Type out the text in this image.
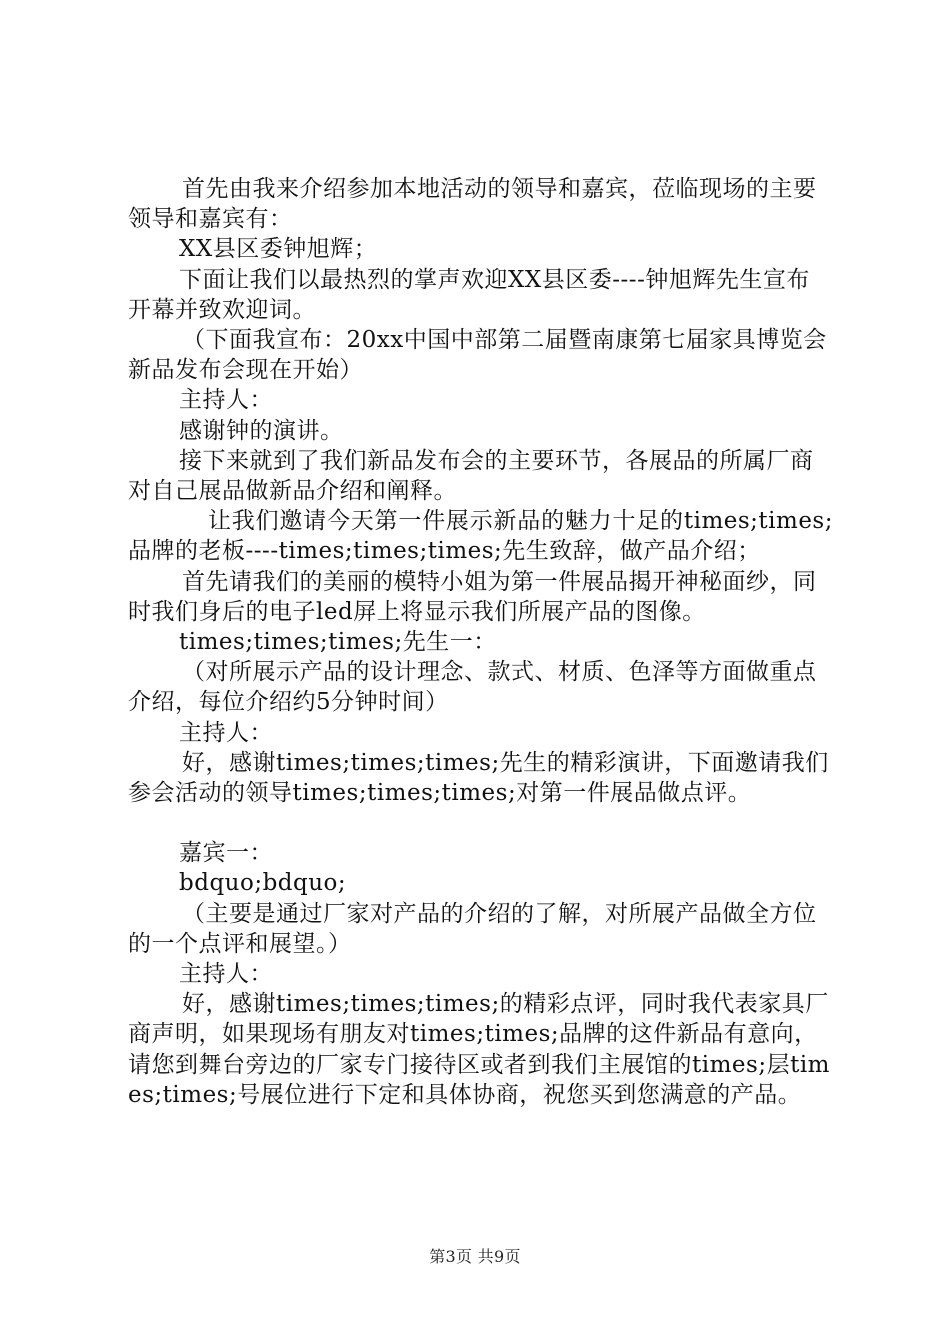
首先由我来介绍参加本地活动的领导和嘉宾，莅临现场的主要领导和嘉宾有：

XX县区委钟旭辉；

下面让我们以最热烈的掌声欢迎XX县区委----钟旭辉先生宣布开幕并致欢迎词。

（下面我宣布：20xx中国中部第二届暨南康第七届家具博览会新品发布会现在开始）

主持人：

感谢钟的演讲。

接下来就到了我们新品发布会的主要环节，各展品的所属厂商对自己展品做新品介绍和阐释。

让我们邀请今天第一件展示新品的魅力十足的times;times;品牌的老板----times;times;times;先生致辞，做产品介绍；

首先请我们的美丽的模特小姐为第一件展品揭开神秘面纱，同时我们身后的电子led屏上将显示我们所展产品的图像。

times;times;times;先生一：

（对所展示产品的设计理念、款式、材质、色泽等方面做重点介绍，每位介绍约5分钟时间）

主持人：

好，感谢times;times;times;先生的精彩演讲，下面邀请我们参会活动的领导times;times;times;对第一件展品做点评。

嘉宾一：

bdquo;bdquo;

（主要是通过厂家对产品的介绍的了解，对所展产品做全方位的一个点评和展望。）

主持人：

好，感谢times;times;times;的精彩点评，同时我代表家具厂商声明，如果现场有朋友对times;times;品牌的这件新品有意向，请您到舞台旁边的厂家专门接待区或者到我们主展馆的times;层times;times;号展位进行下定和具体协商，祝您买到您满意的产品。

第3页 共9页
